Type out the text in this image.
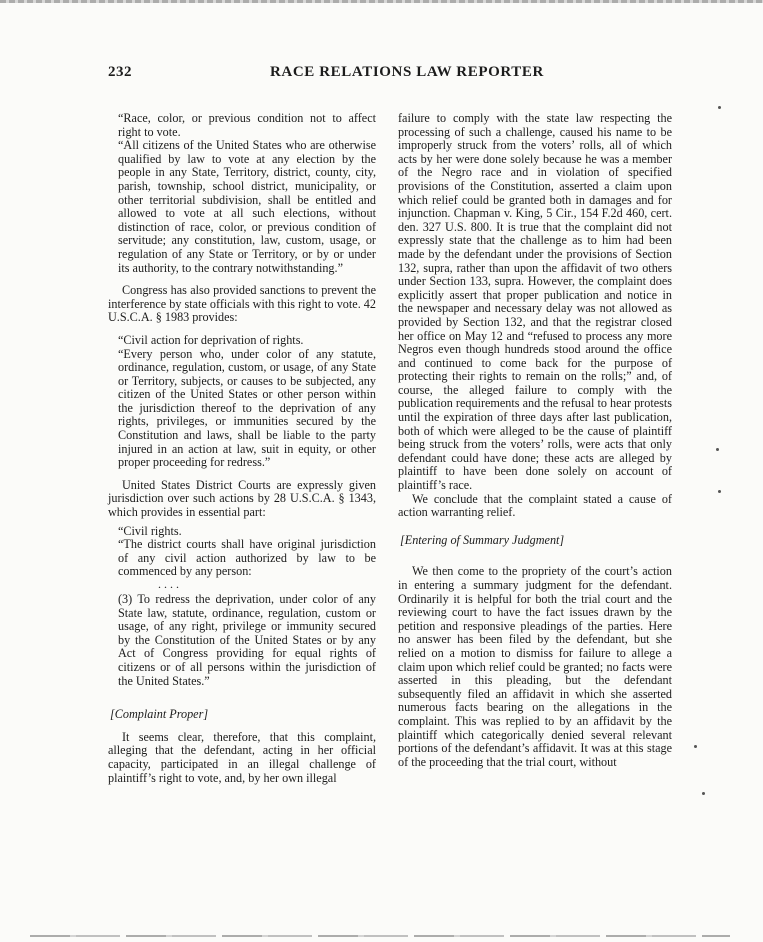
232	RACE RELATIONS LAW REPORTER

“Race, color, or previous condition not to affect right to vote.

“All citizens of the United States who are otherwise qualified by law to vote at any election by the people in any State, Territory, district, county, city, parish, township, school district, municipality, or other territorial subdivision, shall be entitled and allowed to vote at all such elections, without distinction of race, color, or previous condition of servitude; any constitution, law, custom, usage, or regulation of any State or Territory, or by or under its authority, to the contrary notwithstanding.”

Congress has also provided sanctions to prevent the interference by state officials with this right to vote. 42 U.S.C.A. § 1983 provides:

“Civil action for deprivation of rights.

“Every person who, under color of any statute, ordinance, regulation, custom, or usage, of any State or Territory, subjects, or causes to be subjected, any citizen of the United States or other person within the jurisdiction thereof to the deprivation of any rights, privileges, or immunities secured by the Constitution and laws, shall be liable to the party injured in an action at law, suit in equity, or other proper proceeding for redress.”

United States District Courts are expressly given jurisdiction over such actions by 28 U.S.C.A. § 1343, which provides in essential part:

“Civil rights.

“The district courts shall have original jurisdiction of any civil action authorized by law to be commenced by any person:

. . . .

(3) To redress the deprivation, under color of any State law, statute, ordinance, regulation, custom or usage, of any right, privilege or immunity secured by the Constitution of the United States or by any Act of Congress providing for equal rights of citizens or of all persons within the jurisdiction of the United States.”

[Complaint Proper]

It seems clear, therefore, that this complaint, alleging that the defendant, acting in her official capacity, participated in an illegal challenge of plaintiff’s right to vote, and, by her own illegal

failure to comply with the state law respecting the processing of such a challenge, caused his name to be improperly struck from the voters’ rolls, all of which acts by her were done solely because he was a member of the Negro race and in violation of specified provisions of the Constitution, asserted a claim upon which relief could be granted both in damages and for injunction. Chapman v. King, 5 Cir., 154 F.2d 460, cert. den. 327 U.S. 800. It is true that the complaint did not expressly state that the challenge as to him had been made by the defendant under the provisions of Section 132, supra, rather than upon the affidavit of two others under Section 133, supra. However, the complaint does explicitly assert that proper publication and notice in the newspaper and necessary delay was not allowed as provided by Section 132, and that the registrar closed her office on May 12 and “refused to process any more Negros even though hundreds stood around the office and continued to come back for the purpose of protecting their rights to remain on the rolls;” and, of course, the alleged failure to comply with the publication requirements and the refusal to hear protests until the expiration of three days after last publication, both of which were alleged to be the cause of plaintiff being struck from the voters’ rolls, were acts that only defendant could have done; these acts are alleged by plaintiff to have been done solely on account of plaintiff’s race.

We conclude that the complaint stated a cause of action warranting relief.

[Entering of Summary Judgment]

We then come to the propriety of the court’s action in entering a summary judgment for the defendant. Ordinarily it is helpful for both the trial court and the reviewing court to have the fact issues drawn by the petition and responsive pleadings of the parties. Here no answer has been filed by the defendant, but she relied on a motion to dismiss for failure to allege a claim upon which relief could be granted; no facts were asserted in this pleading, but the defendant subsequently filed an affidavit in which she asserted numerous facts bearing on the allegations in the complaint. This was replied to by an affidavit by the plaintiff which categorically denied several relevant portions of the defendant’s affidavit. It was at this stage of the proceeding that the trial court, without
